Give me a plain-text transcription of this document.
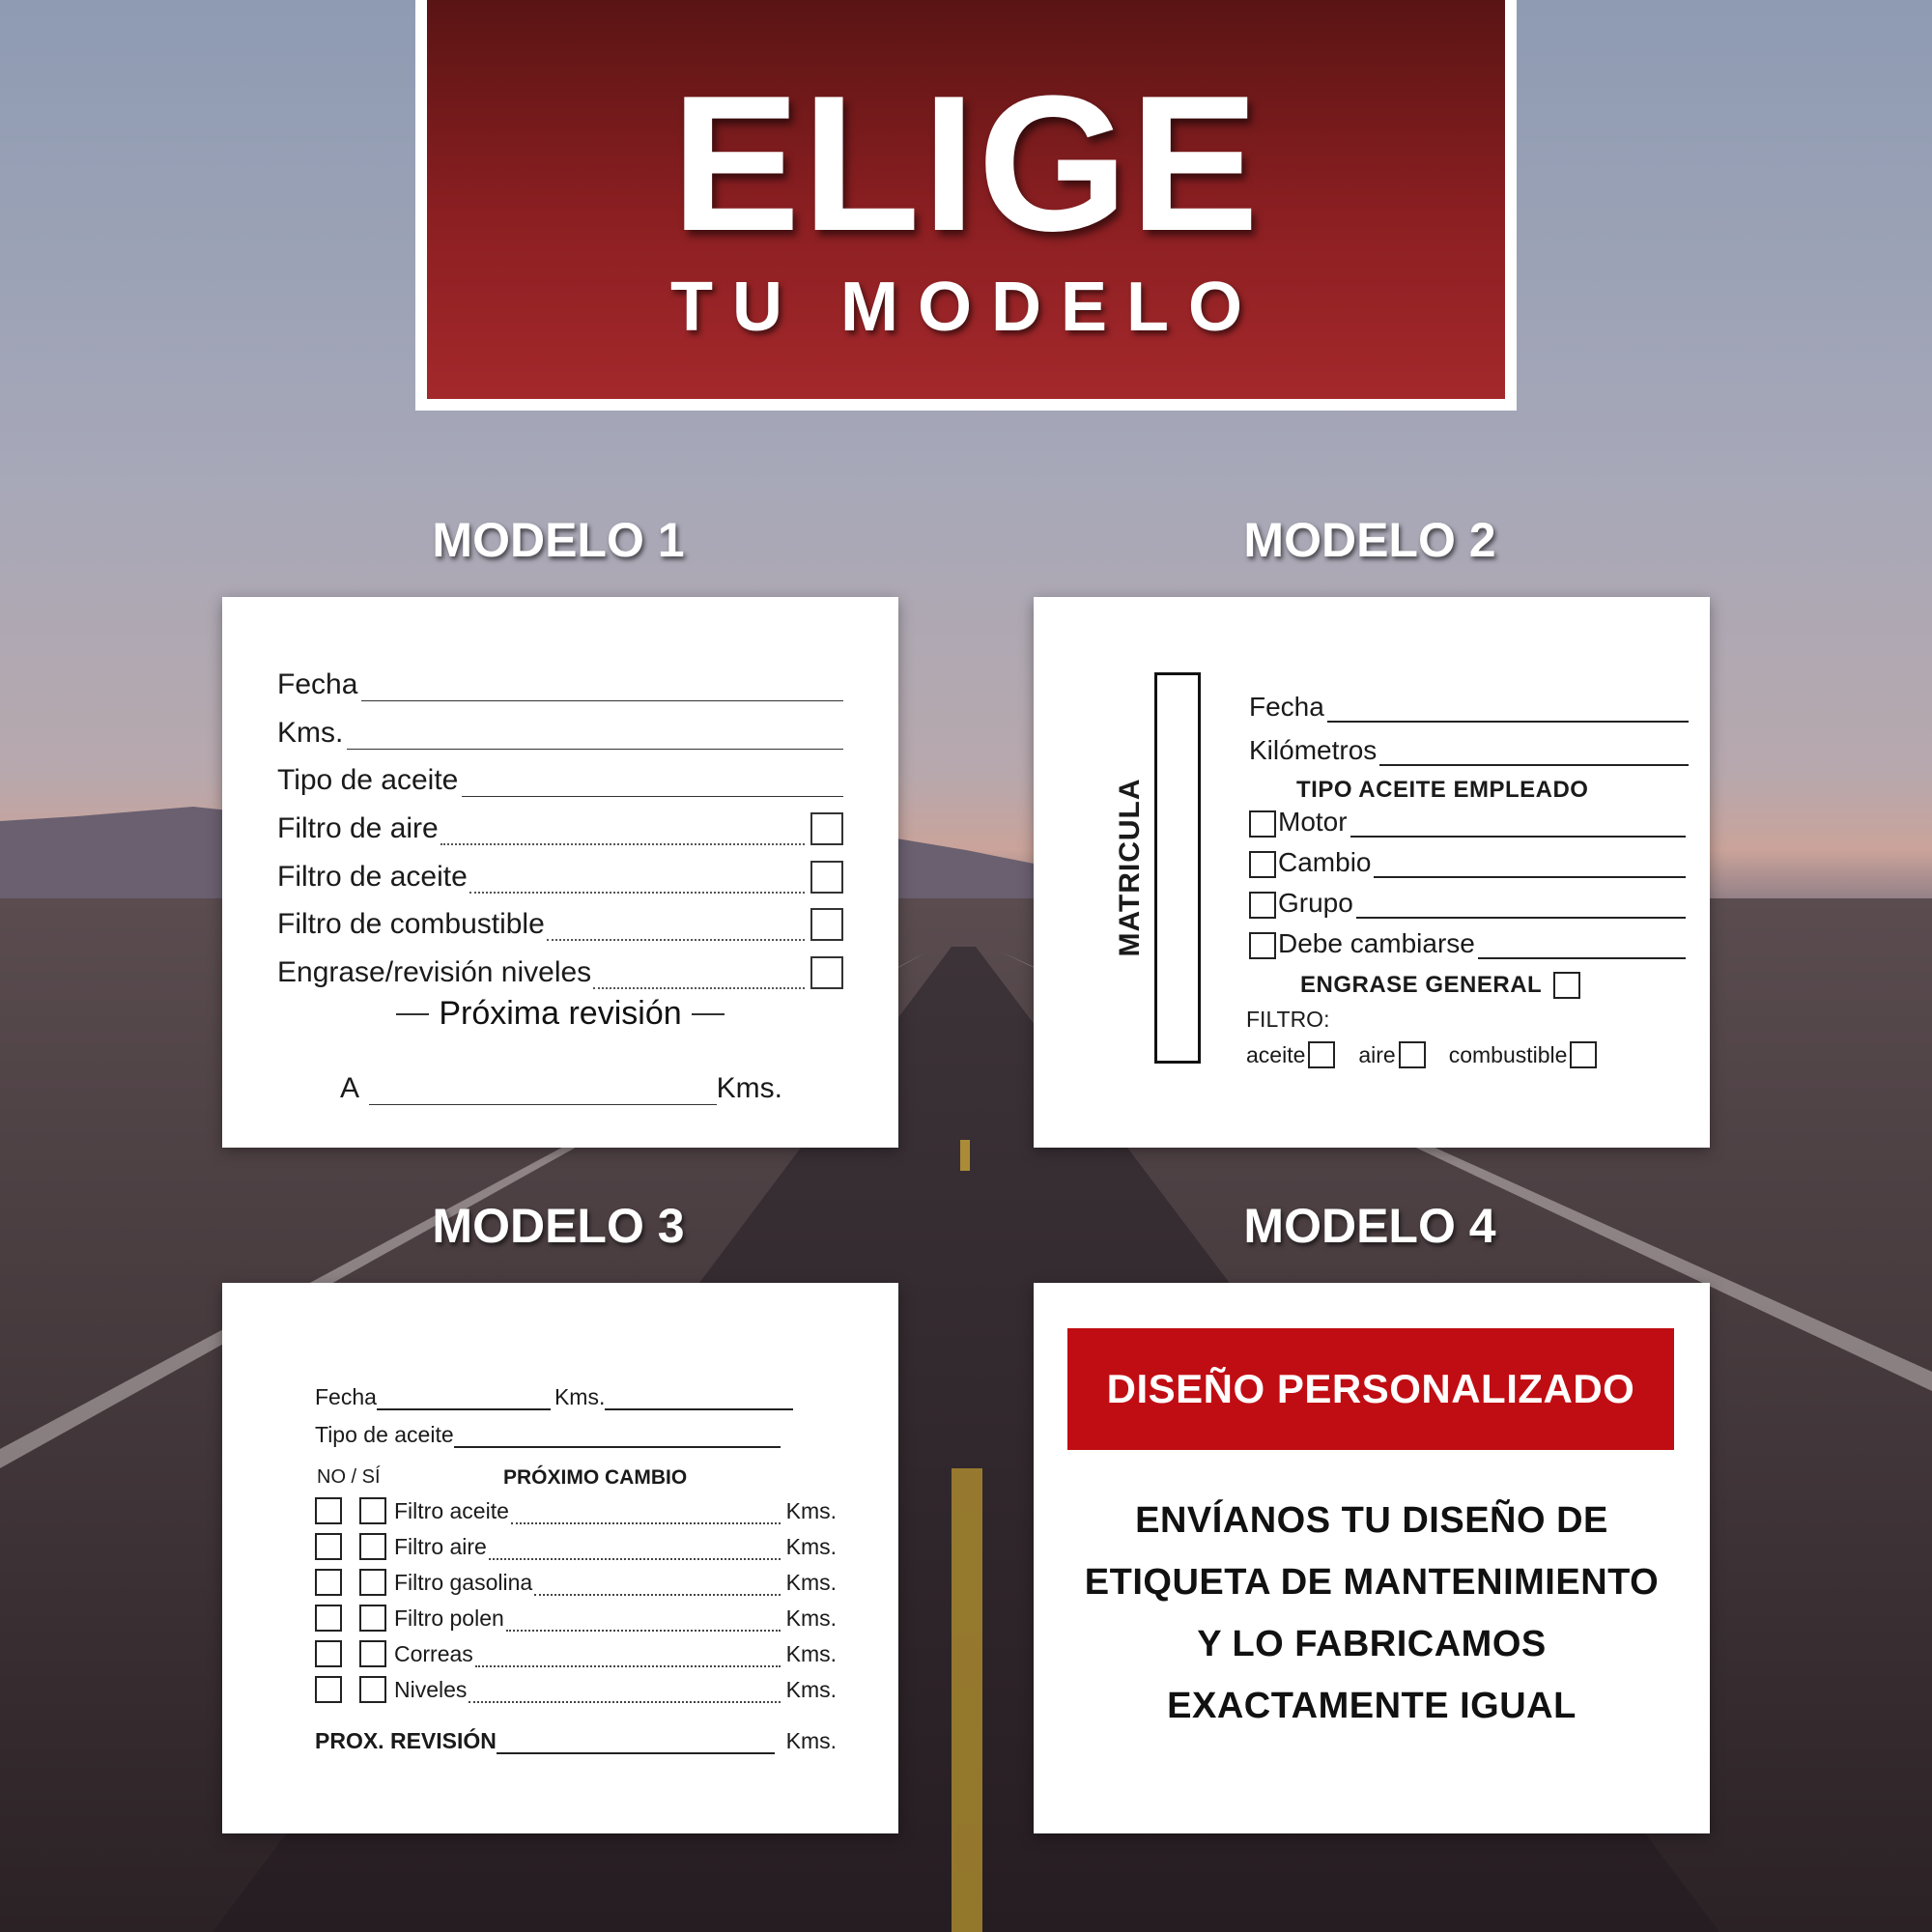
ELIGE
TU MODELO
MODELO 1	MODELO 2
MODELO 3	MODELO 4
Fecha
Kms.
Tipo de aceite
Filtro de aire
Filtro de aceite
Filtro de combustible
Engrase/revisión niveles
Próxima revisión
A	Kms.
MATRICULA
Fecha
Kilómetros
TIPO ACEITE EMPLEADO
Motor
Cambio
Grupo
Debe cambiarse
ENGRASE GENERAL
FILTRO:
aceite aire combustible
Fecha	Kms.
Tipo de aceite
NO / SÍ	PRÓXIMO CAMBIO
Filtro aceite	Kms.
Filtro aire	Kms.
Filtro gasolina	Kms.
Filtro polen	Kms.
Correas	Kms.
Niveles	Kms.
PROX. REVISIÓN	Kms.
DISEÑO PERSONALIZADO
ENVÍANOS TU DISEÑO DE
ETIQUETA DE MANTENIMIENTO
Y LO FABRICAMOS
EXACTAMENTE IGUAL
